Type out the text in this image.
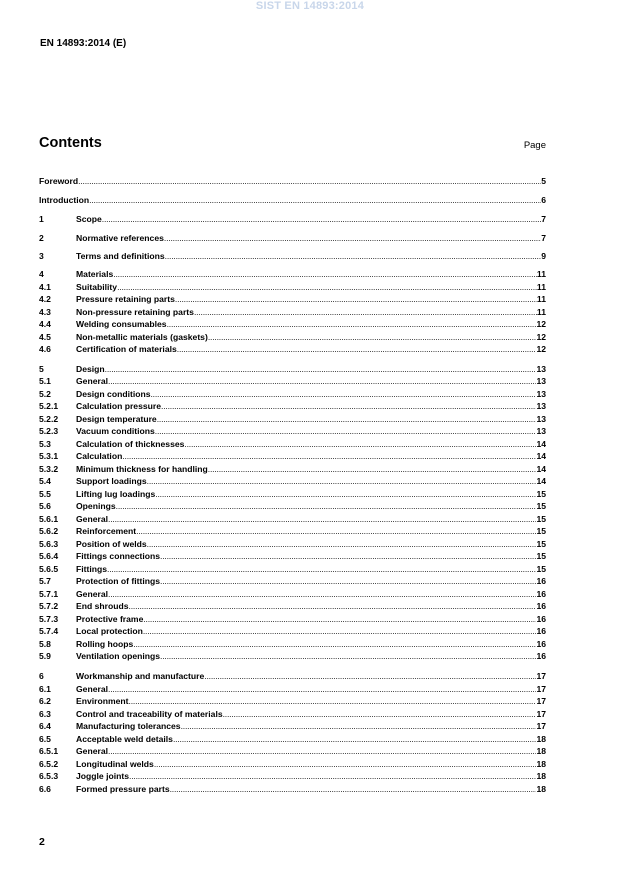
SIST EN 14893:2014
EN 14893:2014 (E)
Contents	Page
Foreword .....	5
Introduction .....	6
1	Scope .....	7
2	Normative references .....	7
3	Terms and definitions .....	9
4	Materials .....	11
4.1	Suitability .....	11
4.2	Pressure retaining parts .....	11
4.3	Non-pressure retaining parts .....	11
4.4	Welding consumables .....	12
4.5	Non-metallic materials (gaskets) .....	12
4.6	Certification of materials .....	12
5	Design .....	13
5.1	General .....	13
5.2	Design conditions .....	13
5.2.1	Calculation pressure .....	13
5.2.2	Design temperature .....	13
5.2.3	Vacuum conditions .....	13
5.3	Calculation of thicknesses .....	14
5.3.1	Calculation .....	14
5.3.2	Minimum thickness for handling .....	14
5.4	Support loadings .....	14
5.5	Lifting lug loadings .....	15
5.6	Openings .....	15
5.6.1	General .....	15
5.6.2	Reinforcement .....	15
5.6.3	Position of welds .....	15
5.6.4	Fittings connections .....	15
5.6.5	Fittings .....	15
5.7	Protection of fittings .....	16
5.7.1	General .....	16
5.7.2	End shrouds .....	16
5.7.3	Protective frame .....	16
5.7.4	Local protection .....	16
5.8	Rolling hoops .....	16
5.9	Ventilation openings .....	16
6	Workmanship and manufacture .....	17
6.1	General .....	17
6.2	Environment .....	17
6.3	Control and traceability of materials .....	17
6.4	Manufacturing tolerances .....	17
6.5	Acceptable weld details .....	18
6.5.1	General .....	18
6.5.2	Longitudinal welds .....	18
6.5.3	Joggle joints .....	18
6.6	Formed pressure parts .....	18
2
